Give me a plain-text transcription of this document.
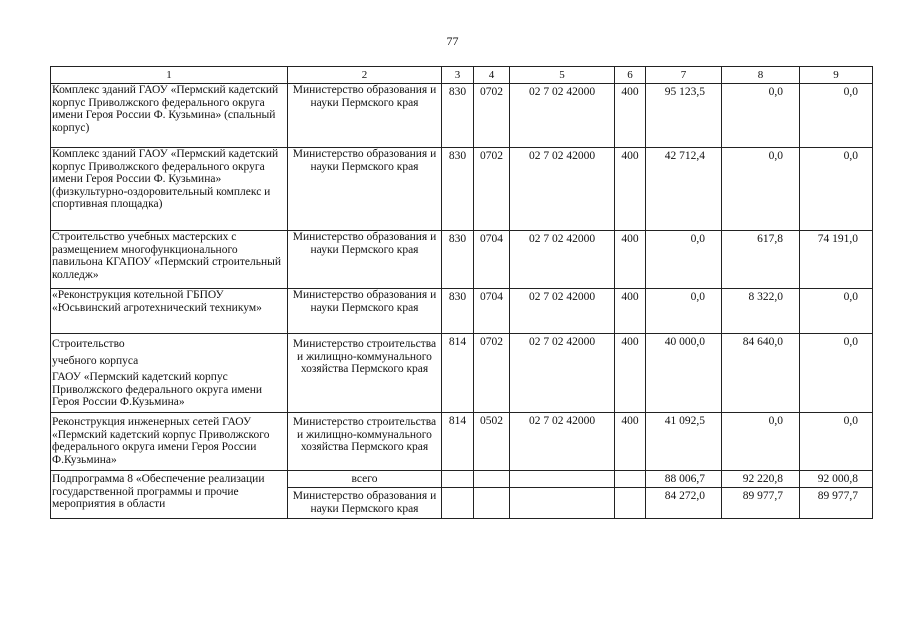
77
1	2	3	4	5	6	7	8	9
Комплекс зданий ГАОУ «Пермский кадетский корпус Приволжского федерального округа имени Героя России Ф. Кузьмина» (спальный корпус)	Министерство образования и науки Пермского края	830	0702	02 7 02 42000	400	95 123,5	0,0	0,0
Комплекс зданий ГАОУ «Пермский кадетский корпус Приволжского федерального округа имени Героя России Ф. Кузьмина» (физкультурно-оздоровительный комплекс и спортивная площадка)	Министерство образования и науки Пермского края	830	0702	02 7 02 42000	400	42 712,4	0,0	0,0
Строительство учебных мастерских с размещением многофункционального павильона КГАПОУ «Пермский строительный колледж»	Министерство образования и науки Пермского края	830	0704	02 7 02 42000	400	0,0	617,8	74 191,0
«Реконструкция котельной ГБПОУ «Юсьвинский агротехнический техникум»	Министерство образования и науки Пермского края	830	0704	02 7 02 42000	400	0,0	8 322,0	0,0

Строительство
учебного корпуса
ГАОУ «Пермский кадетский корпус Приволжского федерального округа имени Героя России Ф.Кузьмина»	Министерство строительства и жилищно-коммунального хозяйства Пермского края	814	0702	02 7 02 42000	400	40 000,0	84 640,0	0,0
Реконструкция инженерных сетей ГАОУ «Пермский кадетский корпус Приволжского федерального округа имени Героя России Ф.Кузьмина»	Министерство строительства и жилищно-коммунального хозяйства Пермского края	814	0502	02 7 02 42000	400	41 092,5	0,0	0,0
Подпрограмма 8 «Обеспечение реализации государственной программы и прочие мероприятия в области	всего					88 006,7	92 220,8	92 000,8
	Министерство образования и науки Пермского края					84 272,0	89 977,7	89 977,7
